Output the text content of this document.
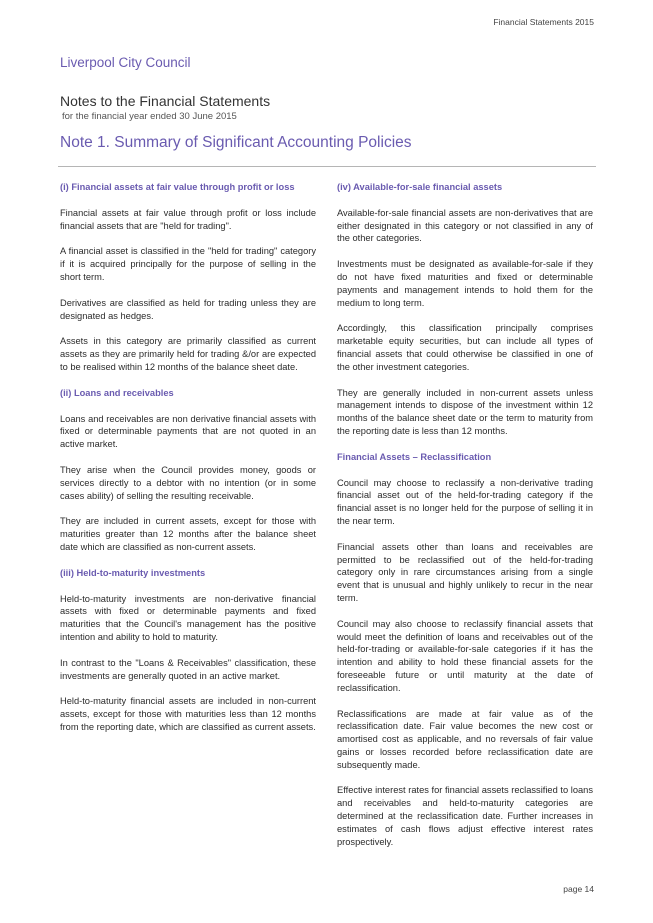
Financial Statements 2015
Liverpool City Council
Notes to the Financial Statements
for the financial year ended 30 June 2015
Note 1. Summary of Significant Accounting Policies
(i) Financial assets at fair value through profit or loss

Financial assets at fair value through profit or loss include financial assets that are "held for trading".

A financial asset is classified in the "held for trading" category if it is acquired principally for the purpose of selling in the short term.

Derivatives are classified as held for trading unless they are designated as hedges.

Assets in this category are primarily classified as current assets as they are primarily held for trading &/or are expected to be realised within 12 months of the balance sheet date.

(ii) Loans and receivables

Loans and receivables are non derivative financial assets with fixed or determinable payments that are not quoted in an active market.

They arise when the Council provides money, goods or services directly to a debtor with no intention (or in some cases ability) of selling the resulting receivable.

They are included in current assets, except for those with maturities greater than 12 months after the balance sheet date which are classified as non-current assets.

(iii) Held-to-maturity investments

Held-to-maturity investments are non-derivative financial assets with fixed or determinable payments and fixed maturities that the Council's management has the positive intention and ability to hold to maturity.

In contrast to the "Loans & Receivables" classification, these investments are generally quoted in an active market.

Held-to-maturity financial assets are included in non-current assets, except for those with maturities less than 12 months from the reporting date, which are classified as current assets.

(iv) Available-for-sale financial assets

Available-for-sale financial assets are non-derivatives that are either designated in this category or not classified in any of the other categories.

Investments must be designated as available-for-sale if they do not have fixed maturities and fixed or determinable payments and management intends to hold them for the medium to long term.

Accordingly, this classification principally comprises marketable equity securities, but can include all types of financial assets that could otherwise be classified in one of the other investment categories.

They are generally included in non-current assets unless management intends to dispose of the investment within 12 months of the balance sheet date or the term to maturity from the reporting date is less than 12 months.

Financial Assets – Reclassification

Council may choose to reclassify a non-derivative trading financial asset out of the held-for-trading category if the financial asset is no longer held for the purpose of selling it in the near term.

Financial assets other than loans and receivables are permitted to be reclassified out of the held-for-trading category only in rare circumstances arising from a single event that is unusual and highly unlikely to recur in the near term.

Council may also choose to reclassify financial assets that would meet the definition of loans and receivables out of the held-for-trading or available-for-sale categories if it has the intention and ability to hold these financial assets for the foreseeable future or until maturity at the date of reclassification.

Reclassifications are made at fair value as of the reclassification date. Fair value becomes the new cost or amortised cost as applicable, and no reversals of fair value gains or losses recorded before reclassification date are subsequently made.

Effective interest rates for financial assets reclassified to loans and receivables and held-to-maturity categories are determined at the reclassification date. Further increases in estimates of cash flows adjust effective interest rates prospectively.

page 14
